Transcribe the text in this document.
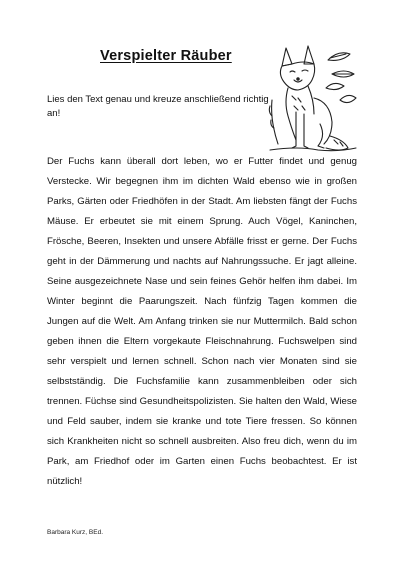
Verspielter Räuber
Lies den Text genau und kreuze anschließend richtig an!
Der Fuchs kann überall dort leben, wo er Futter findet und genug Verstecke. Wir begegnen ihm im dichten Wald ebenso wie in großen Parks, Gärten oder Friedhöfen in der Stadt. Am liebsten fängt der Fuchs Mäuse. Er erbeutet sie mit einem Sprung. Auch Vögel, Kaninchen, Frösche, Beeren, Insekten und unsere Abfälle frisst er gerne. Der Fuchs geht in der Dämmerung und nachts auf Nahrungssuche. Er jagt alleine. Seine ausgezeichnete Nase und sein feines Gehör helfen ihm dabei. Im Winter beginnt die Paarungszeit. Nach fünfzig Tagen kommen die Jungen auf die Welt. Am Anfang trinken sie nur Muttermilch. Bald schon geben ihnen die Eltern vorgekaute Fleischnahrung. Fuchswelpen sind sehr verspielt und lernen schnell. Schon nach vier Monaten sind sie selbstständig. Die Fuchsfamilie kann zusammenbleiben oder sich trennen. Füchse sind Gesundheitspolizisten. Sie halten den Wald, Wiese und Feld sauber, indem sie kranke und tote Tiere fressen. So können sich Krankheiten nicht so schnell ausbreiten. Also freu dich, wenn du im Park, am Friedhof oder im Garten einen Fuchs beobachtest. Er ist nützlich!
Barbara Kurz, BEd.
